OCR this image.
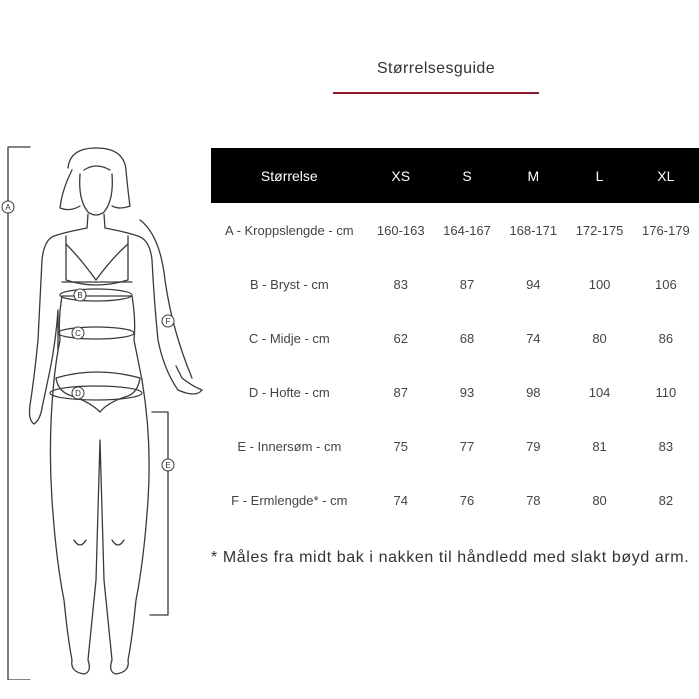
Størrelsesguide
A
B
C
D
E
F
Størrelse	XS	S	M	L	XL
A - Kroppslengde - cm	160-163	164-167	168-171	172-175	176-179
B - Bryst - cm	83	87	94	100	106
C - Midje - cm	62	68	74	80	86
D - Hofte - cm	87	93	98	104	110
E - Innersøm - cm	75	77	79	81	83
F - Ermlengde* - cm	74	76	78	80	82
* Måles fra midt bak i nakken til håndledd med slakt bøyd arm.
